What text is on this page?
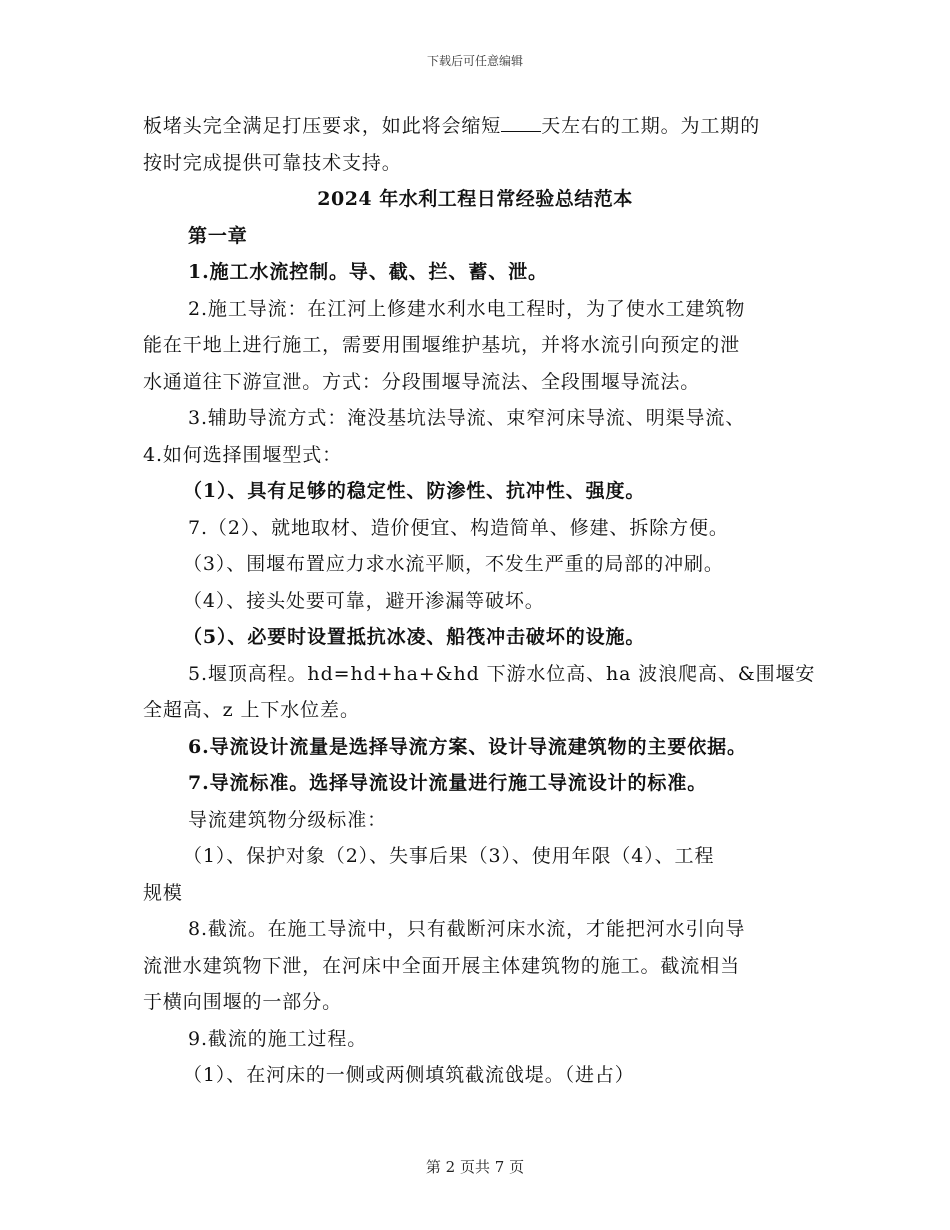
下载后可任意编辑
板堵头完全满足打压要求，如此将会缩短 天左右的工期。为工期的
按时完成提供可靠技术支持。
2024 年水利工程日常经验总结范本
第一章
1.施工水流控制。导、截、拦、蓄、泄。
2.施工导流：在江河上修建水利水电工程时，为了使水工建筑物
能在干地上进行施工，需要用围堰维护基坑，并将水流引向预定的泄
水通道往下游宣泄。方式：分段围堰导流法、全段围堰导流法。
3.辅助导流方式：淹没基坑法导流、束窄河床导流、明渠导流、
4.如何选择围堰型式：
（1）、具有足够的稳定性、防渗性、抗冲性、强度。
7.（2）、就地取材、造价便宜、构造简单、修建、拆除方便。
（3）、围堰布置应力求水流平顺，不发生严重的局部的冲刷。
（4）、接头处要可靠，避开渗漏等破坏。
（5）、必要时设置抵抗冰凌、船筏冲击破坏的设施。
5.堰顶高程。hd=hd+ha+&hd 下游水位高、ha 波浪爬高、&围堰安
全超高、z 上下水位差。
6.导流设计流量是选择导流方案、设计导流建筑物的主要依据。
7.导流标准。选择导流设计流量进行施工导流设计的标准。
导流建筑物分级标准：
（1）、保护对象（2）、失事后果（3）、使用年限（4）、工程
规模
8.截流。在施工导流中，只有截断河床水流，才能把河水引向导
流泄水建筑物下泄，在河床中全面开展主体建筑物的施工。截流相当
于横向围堰的一部分。
9.截流的施工过程。
（1）、在河床的一侧或两侧填筑截流戗堤。（进占）
第 2 页共 7 页
